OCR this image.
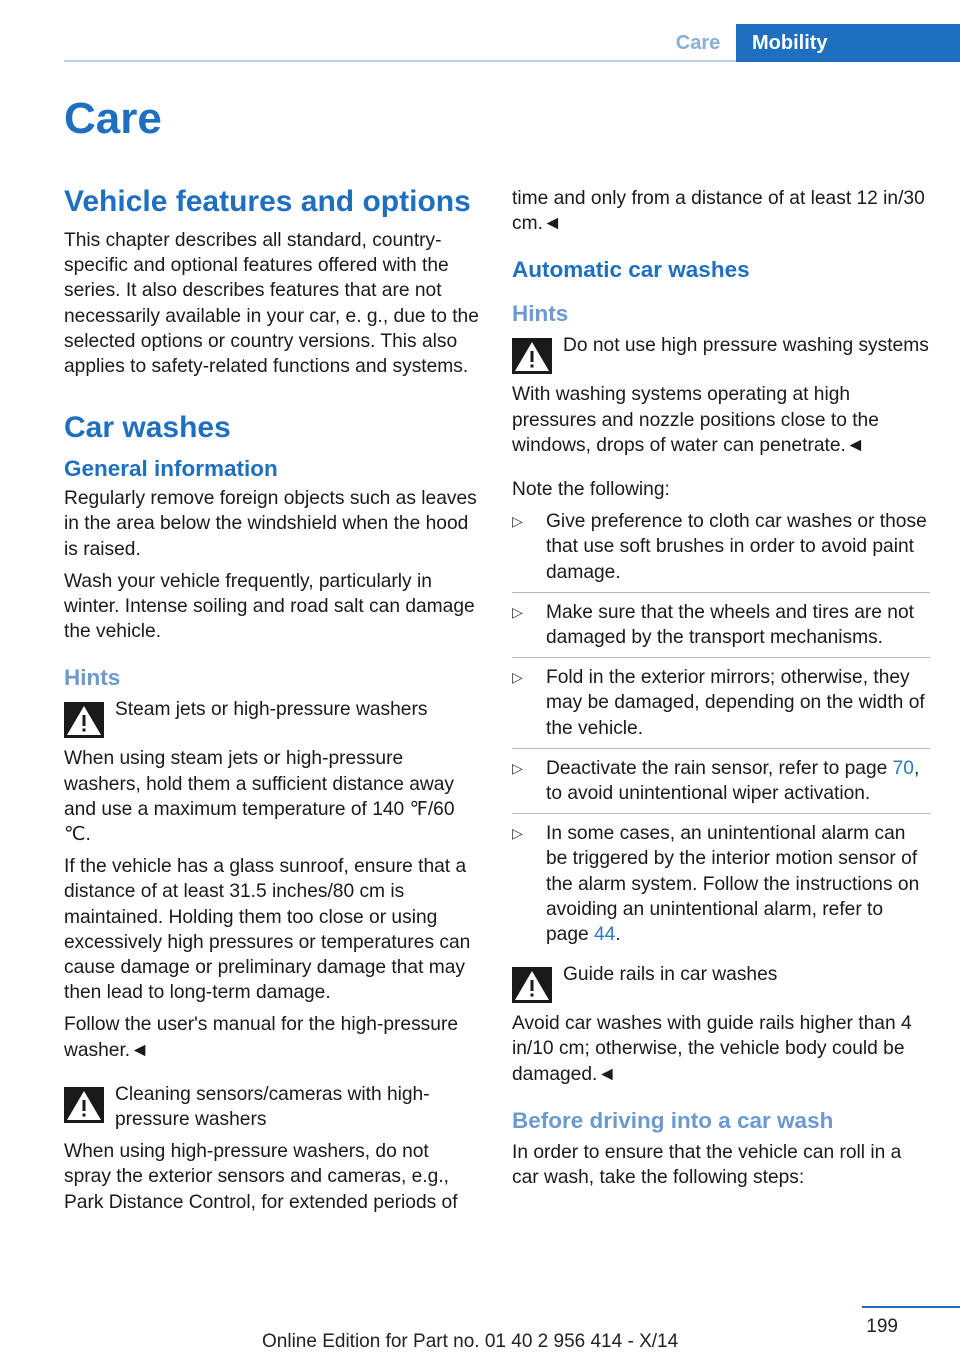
Care	Mobility
Care
Vehicle features and options

This chapter describes all standard, country-specific and optional features offered with the series. It also describes features that are not necessarily available in your car, e. g., due to the selected options or country versions. This also applies to safety-related functions and systems.

Car washes
General information

Regularly remove foreign objects such as leaves in the area below the windshield when the hood is raised.

Wash your vehicle frequently, particularly in winter. Intense soiling and road salt can damage the vehicle.

Hints
Steam jets or high-pressure washers

When using steam jets or high-pressure washers, hold them a sufficient distance away and use a maximum temperature of 140 ℉/60 ℃.

If the vehicle has a glass sunroof, ensure that a distance of at least 31.5 inches/80 cm is maintained. Holding them too close or using excessively high pressures or temperatures can cause damage or preliminary damage that may then lead to long-term damage.

Follow the user's manual for the high-pressure washer.◄

Cleaning sensors/cameras with high-pressure washers

When using high-pressure washers, do not spray the exterior sensors and cameras, e.g., Park Distance Control, for extended periods of

time and only from a distance of at least 12 in/30 cm.◄

Automatic car washes
Hints
Do not use high pressure washing systems

With washing systems operating at high pressures and nozzle positions close to the windows, drops of water can penetrate.◄

Note the following:

▷ Give preference to cloth car washes or those that use soft brushes in order to avoid paint damage.
▷ Make sure that the wheels and tires are not damaged by the transport mechanisms.
▷ Fold in the exterior mirrors; otherwise, they may be damaged, depending on the width of the vehicle.
▷ Deactivate the rain sensor, refer to page 70, to avoid unintentional wiper activation.
▷ In some cases, an unintentional alarm can be triggered by the interior motion sensor of the alarm system. Follow the instructions on avoiding an unintentional alarm, refer to page 44.
Guide rails in car washes

Avoid car washes with guide rails higher than 4 in/10 cm; otherwise, the vehicle body could be damaged.◄

Before driving into a car wash

In order to ensure that the vehicle can roll in a car wash, take the following steps:

199
Online Edition for Part no. 01 40 2 956 414 - X/14
